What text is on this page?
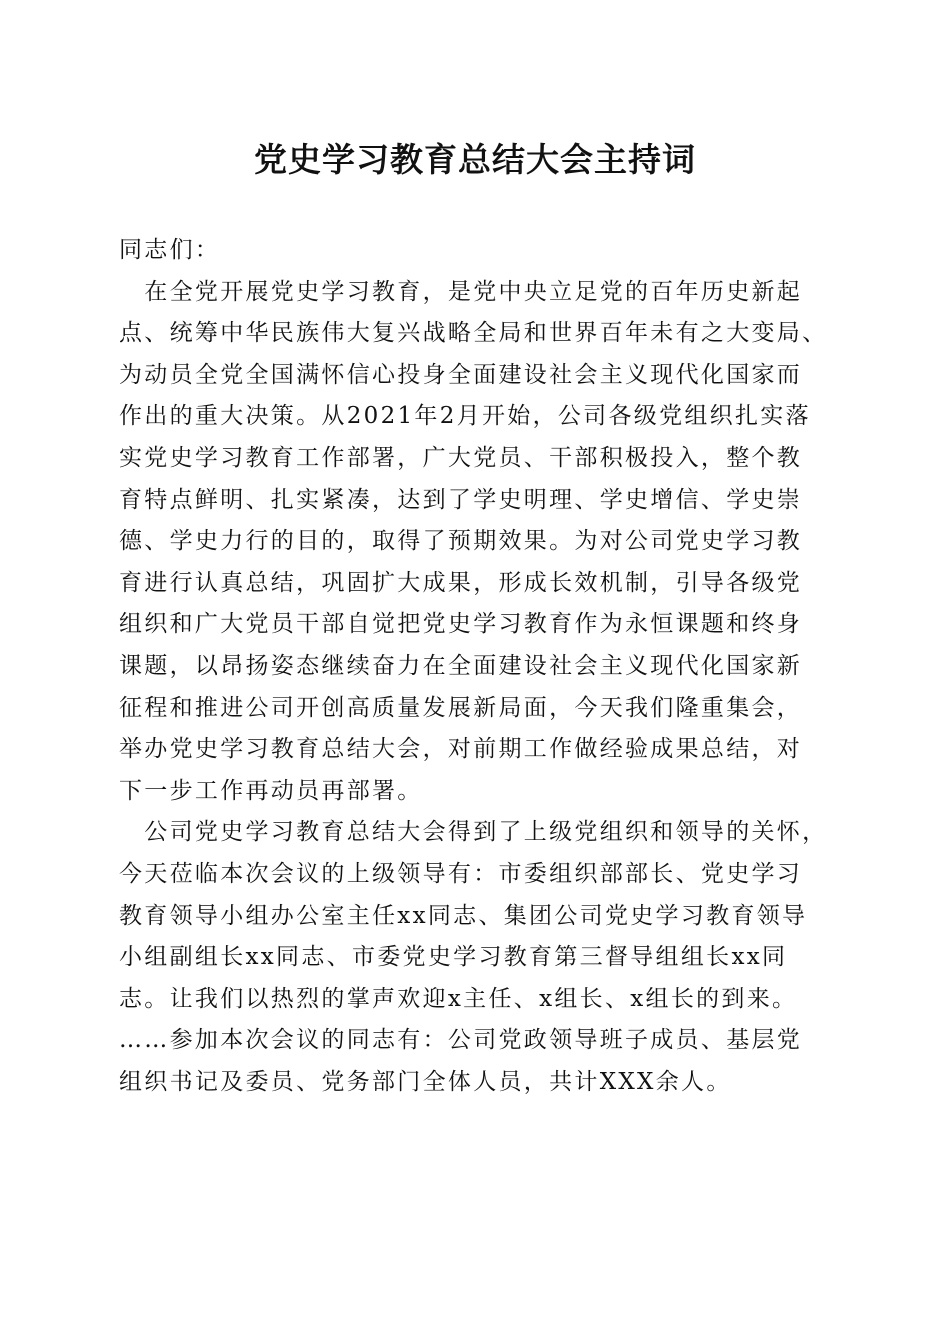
党史学习教育总结大会主持词
同志们：
　在全党开展党史学习教育，是党中央立足党的百年历史新起
点、统筹中华民族伟大复兴战略全局和世界百年未有之大变局、
为动员全党全国满怀信心投身全面建设社会主义现代化国家而
作出的重大决策。从2021年2月开始，公司各级党组织扎实落
实党史学习教育工作部署，广大党员、干部积极投入，整个教
育特点鲜明、扎实紧凑，达到了学史明理、学史增信、学史崇
德、学史力行的目的，取得了预期效果。为对公司党史学习教
育进行认真总结，巩固扩大成果，形成长效机制，引导各级党
组织和广大党员干部自觉把党史学习教育作为永恒课题和终身
课题，以昂扬姿态继续奋力在全面建设社会主义现代化国家新
征程和推进公司开创高质量发展新局面，今天我们隆重集会，
举办党史学习教育总结大会，对前期工作做经验成果总结，对
下一步工作再动员再部署。
　公司党史学习教育总结大会得到了上级党组织和领导的关怀，
今天莅临本次会议的上级领导有：市委组织部部长、党史学习
教育领导小组办公室主任xx同志、集团公司党史学习教育领导
小组副组长xx同志、市委党史学习教育第三督导组组长xx同
志。让我们以热烈的掌声欢迎x主任、x组长、x组长的到来。
……参加本次会议的同志有：公司党政领导班子成员、基层党
组织书记及委员、党务部门全体人员，共计XXX余人。
